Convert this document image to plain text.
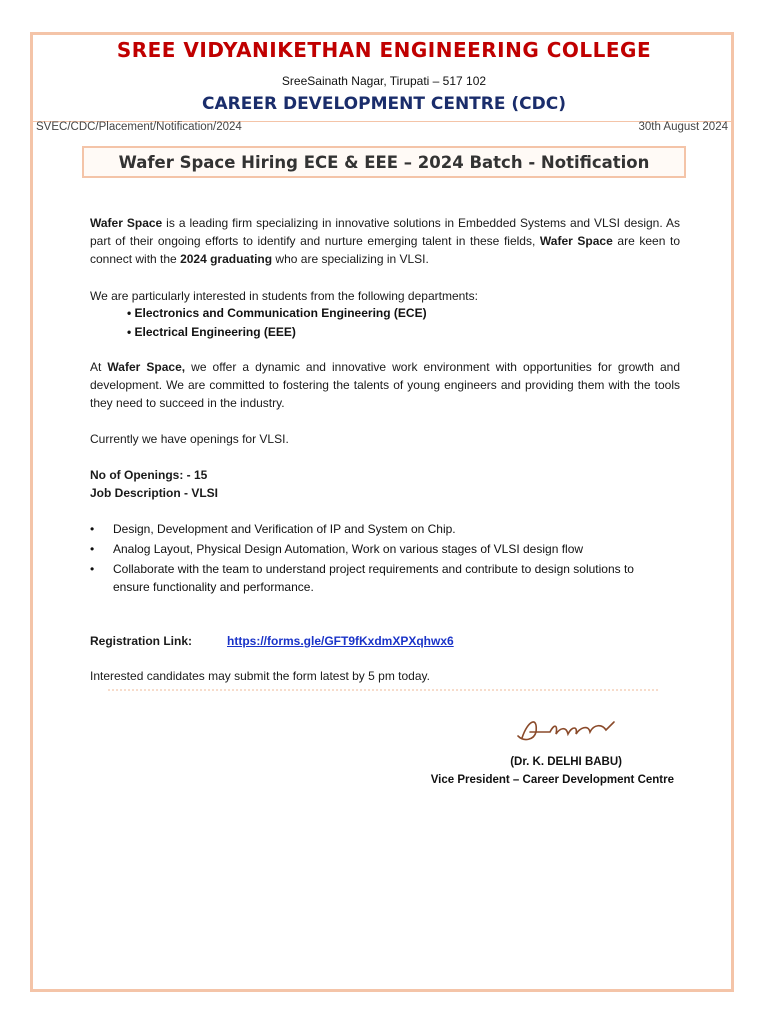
SREE VIDYANIKETHAN ENGINEERING COLLEGE
SreeSainath Nagar, Tirupati – 517 102
CAREER DEVELOPMENT CENTRE (CDC)
SVEC/CDC/Placement/Notification/2024	30th August 2024
Wafer Space Hiring ECE & EEE – 2024 Batch - Notification
Wafer Space is a leading firm specializing in innovative solutions in Embedded Systems and VLSI design. As part of their ongoing efforts to identify and nurture emerging talent in these fields, Wafer Space are keen to connect with the 2024 graduating who are specializing in VLSI.
We are particularly interested in students from the following departments:
• Electronics and Communication Engineering (ECE)
• Electrical Engineering (EEE)
At Wafer Space, we offer a dynamic and innovative work environment with opportunities for growth and development. We are committed to fostering the talents of young engineers and providing them with the tools they need to succeed in the industry.
Currently we have openings for VLSI.
No of Openings: - 15
Job Description - VLSI
•	Design, Development and Verification of IP and System on Chip.
•	Analog Layout, Physical Design Automation, Work on various stages of VLSI design flow
•	Collaborate with the team to understand project requirements and contribute to design solutions to ensure functionality and performance.
Registration Link:	https://forms.gle/GFT9fKxdmXPXqhwx6
Interested candidates may submit the form latest by 5 pm today.
(Dr. K. DELHI BABU)
Vice President – Career Development Centre
